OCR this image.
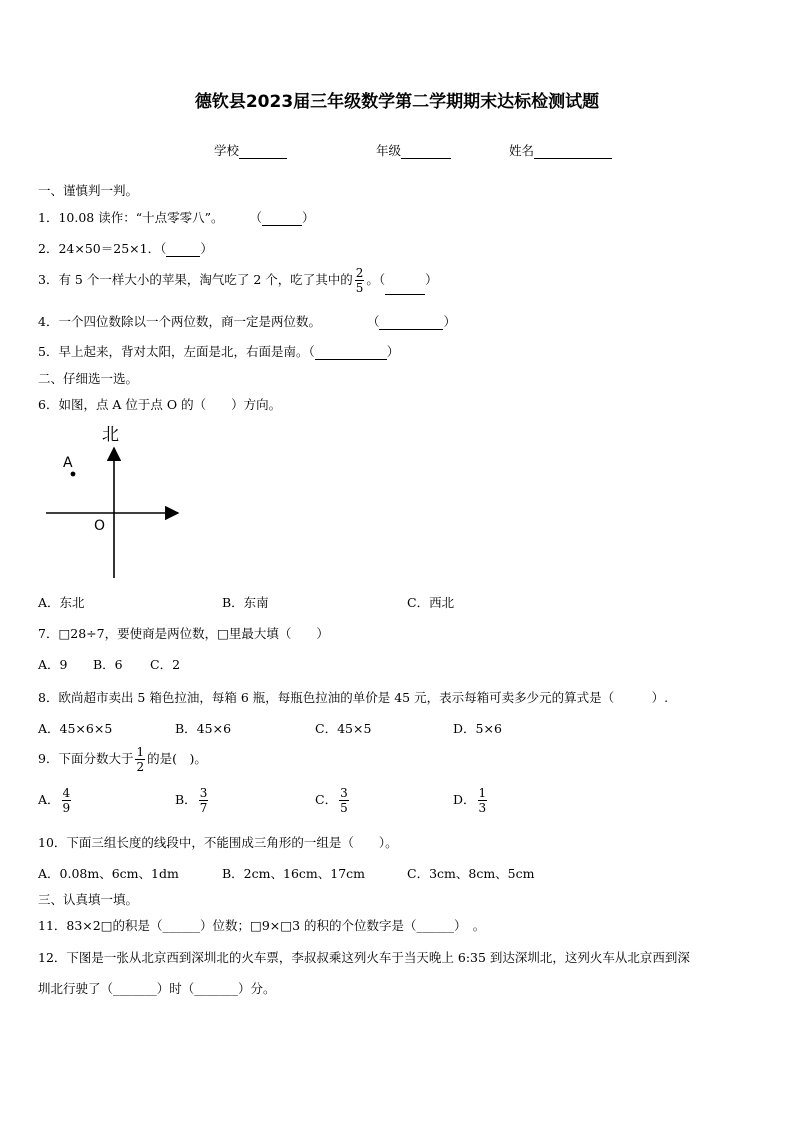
德钦县2023届三年级数学第二学期期末达标检测试题
学校	年级	姓名
一、谨慎判一判。
1．10.08 读作：“十点零零八”。 （	）
2．24×50＝25×1．（	）
3．有 5 个一样大小的苹果，淘气吃了 2 个，吃了其中的 $\frac{2}{5}$ 。（	）
4．一个四位数除以一个两位数，商一定是两位数。	（	）
5．早上起来，背对太阳，左面是北，右面是南。（	）
二、仔细选一选。
6．如图，点 A 位于点 O 的（　　）方向。
北
A
O
A．东北	B．东南	C．西北
7．□28÷7，要使商是两位数，□里最大填（　　）
A．9 B．6 C．2
8．欧尚超市卖出 5 箱色拉油，每箱 6 瓶，每瓶色拉油的单价是 45 元，表示每箱可卖多少元的算式是（　　　）.
A．45×6×5	B．45×6	C．45×5	D．5×6
9．下面分数大于 $\frac{1}{2}$ 的是(　)。
A． $\frac{4}{9}$	B． $\frac{3}{7}$	C． $\frac{3}{5}$	D． $\frac{1}{3}$
10．下面三组长度的线段中，不能围成三角形的一组是（　　）。
A．0.08m、6cm、1dm	B．2cm、16cm、17cm	C．3cm、8cm、5cm
三、认真填一填。
11．83×2□的积是（______）位数；□9×□3 的积的个位数字是（______）　。
12．下图是一张从北京西到深圳北的火车票，李叔叔乘这列火车于当天晚上 6:35 到达深圳北，这列火车从北京西到深
圳北行驶了（_______）时（_______）分。
